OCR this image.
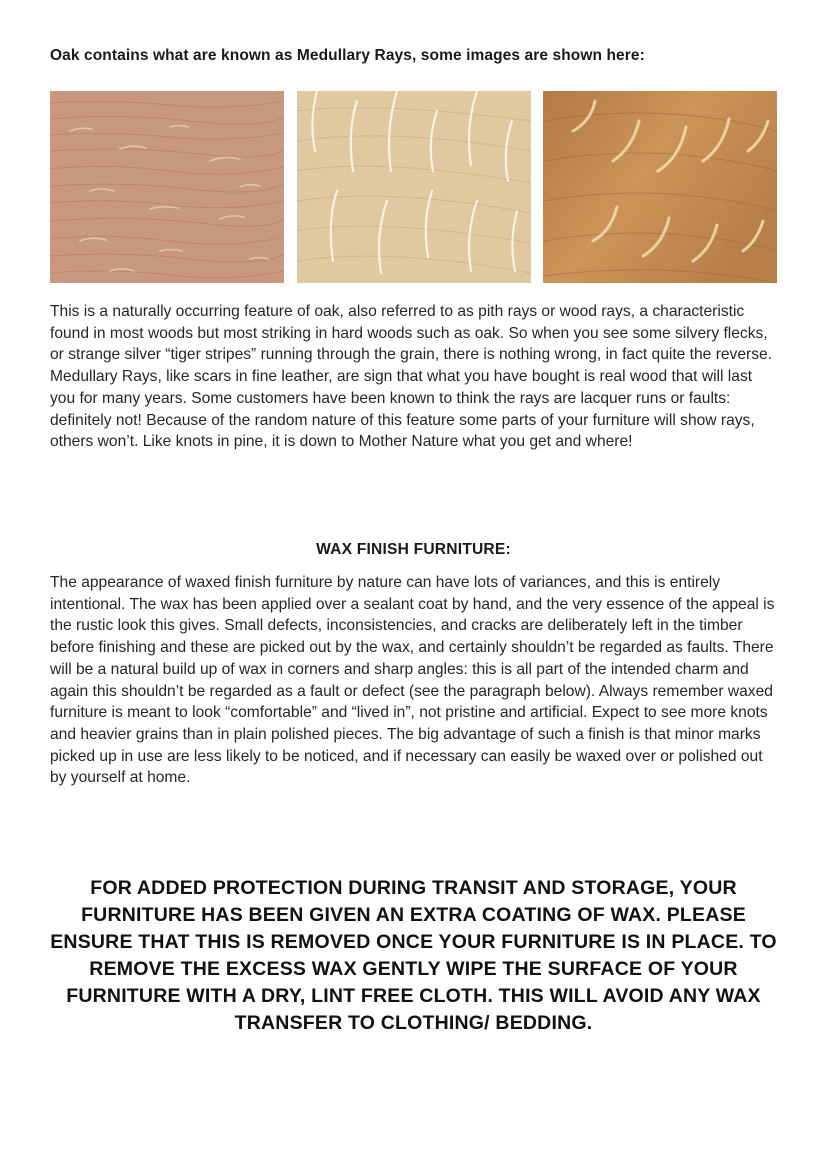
Oak contains what are known as Medullary Rays, some images are shown here:

This is a naturally occurring feature of oak, also referred to as pith rays or wood rays, a characteristic found in most woods but most striking in hard woods such as oak. So when you see some silvery flecks, or strange silver “tiger stripes” running through the grain, there is nothing wrong, in fact quite the reverse. Medullary Rays, like scars in fine leather, are sign that what you have bought is real wood that will last you for many years. Some customers have been known to think the rays are lacquer runs or faults: definitely not! Because of the random nature of this feature some parts of your furniture will show rays, others won’t. Like knots in pine, it is down to Mother Nature what you get and where!

WAX FINISH FURNITURE:

The appearance of waxed finish furniture by nature can have lots of variances, and this is entirely intentional. The wax has been applied over a sealant coat by hand, and the very essence of the appeal is the rustic look this gives. Small defects, inconsistencies, and cracks are deliberately left in the timber before finishing and these are picked out by the wax, and certainly shouldn’t be regarded as faults. There will be a natural build up of wax in corners and sharp angles: this is all part of the intended charm and again this shouldn’t be regarded as a fault or defect (see the paragraph below). Always remember waxed furniture is meant to look “comfortable” and “lived in”, not pristine and artificial. Expect to see more knots and heavier grains than in plain polished pieces. The big advantage of such a finish is that minor marks picked up in use are less likely to be noticed, and if necessary can easily be waxed over or polished out by yourself at home.

FOR ADDED PROTECTION DURING TRANSIT AND STORAGE, YOUR FURNITURE HAS BEEN GIVEN AN EXTRA COATING OF WAX. PLEASE ENSURE THAT THIS IS REMOVED ONCE YOUR FURNITURE IS IN PLACE. TO REMOVE THE EXCESS WAX GENTLY WIPE THE SURFACE OF YOUR FURNITURE WITH A DRY, LINT FREE CLOTH. THIS WILL AVOID ANY WAX TRANSFER TO CLOTHING/ BEDDING.
